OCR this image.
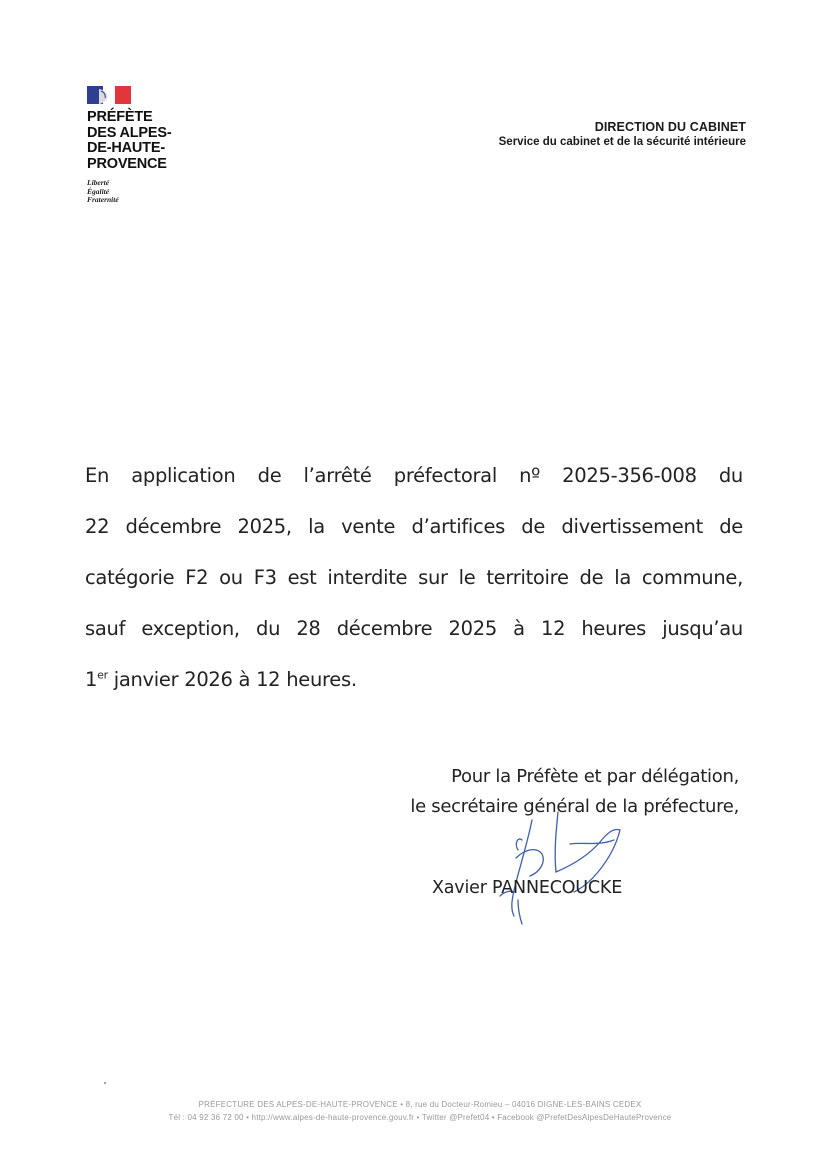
PRÉFÈTE
DES ALPES-
DE-HAUTE-
PROVENCE
Liberté
Égalité
Fraternité
DIRECTION DU CABINET
Service du cabinet et de la sécurité intérieure
En application de l’arrêté préfectoral nº 2025-356-008 du
22 décembre 2025, la vente d’artifices de divertissement de
catégorie F2 ou F3 est interdite sur le territoire de la commune,
sauf exception, du 28 décembre 2025 à 12 heures jusqu’au
1er janvier 2026 à 12 heures.
Pour la Préfète et par délégation,
le secrétaire général de la préfecture,
Xavier PANNECOUCKE
PRÉFECTURE DES ALPES-DE-HAUTE-PROVENCE • 8, rue du Docteur-Romieu – 04016 DIGNE-LES-BAINS CEDEX
Tél : 04 92 36 72 00 • http://www.alpes-de-haute-provence.gouv.fr • Twitter @Prefet04 • Facebook @PrefetDesAlpesDeHauteProvence
